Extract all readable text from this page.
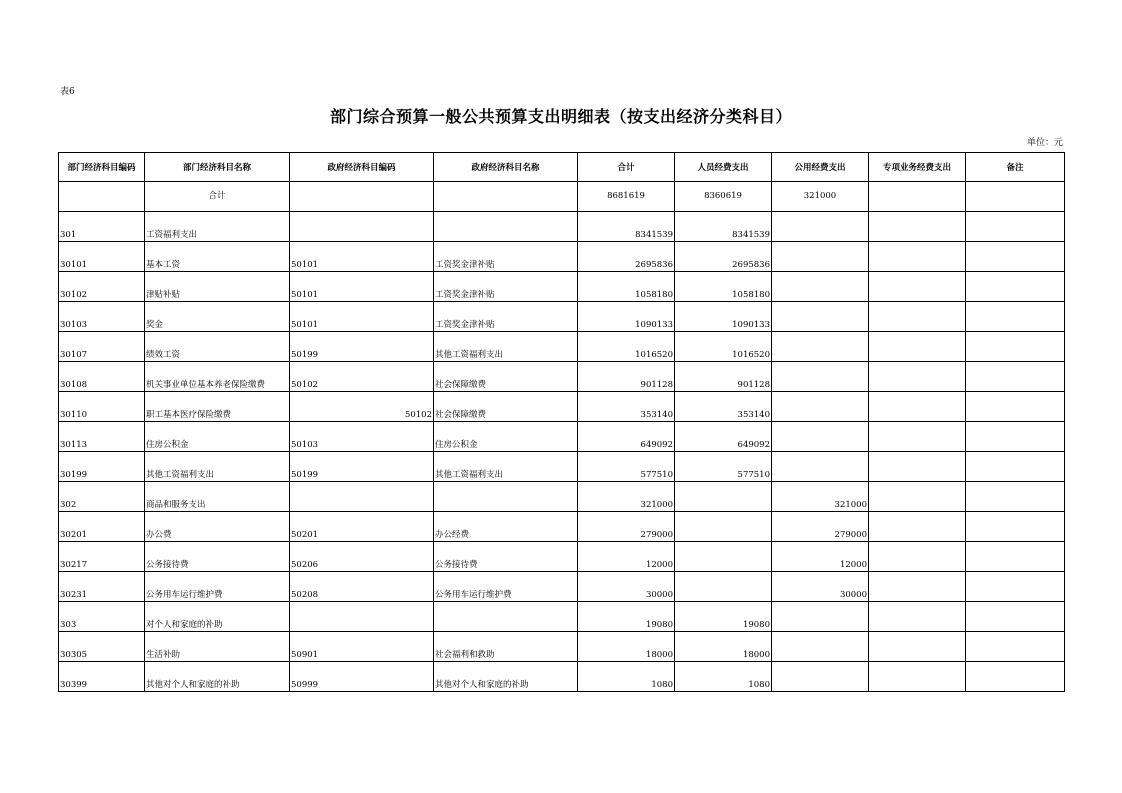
表6
部门综合预算一般公共预算支出明细表（按支出经济分类科目）
单位：元
部门经济科目编码	部门经济科目名称	政府经济科目编码	政府经济科目名称	合计	人员经费支出	公用经费支出	专项业务经费支出	备注
	合计			8681619	8360619	321000		
301	工资福利支出			8341539	8341539			
30101	基本工资	50101	工资奖金津补贴	2695836	2695836			
30102	津贴补贴	50101	工资奖金津补贴	1058180	1058180			
30103	奖金	50101	工资奖金津补贴	1090133	1090133			
30107	绩效工资	50199	其他工资福利支出	1016520	1016520			
30108	机关事业单位基本养老保险缴费	50102	社会保障缴费	901128	901128			
30110	职工基本医疗保险缴费	50102	社会保障缴费	353140	353140			
30113	住房公积金	50103	住房公积金	649092	649092			
30199	其他工资福利支出	50199	其他工资福利支出	577510	577510			
302	商品和服务支出			321000		321000		
30201	办公费	50201	办公经费	279000		279000		
30217	公务接待费	50206	公务接待费	12000		12000		
30231	公务用车运行维护费	50208	公务用车运行维护费	30000		30000		
303	对个人和家庭的补助			19080	19080			
30305	生活补助	50901	社会福利和救助	18000	18000			
30399	其他对个人和家庭的补助	50999	其他对个人和家庭的补助	1080	1080			
